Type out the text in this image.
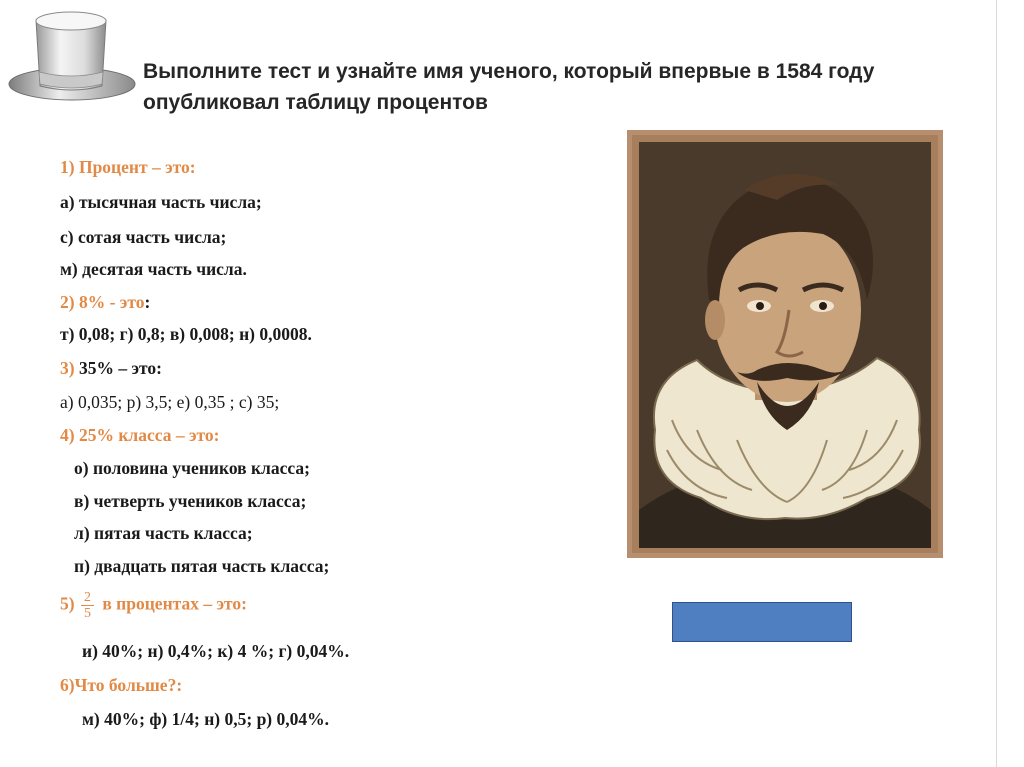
Выполните тест и узнайте имя ученого, который впервые в 1584 году опубликовал таблицу процентов
1) Процент – это:
а) тысячная часть числа;
с) сотая часть числа;
м) десятая часть числа.
2) 8% - это:
т) 0,08; г) 0,8; в) 0,008; н) 0,0008.
3) 35% – это:
а) 0,035; р) 3,5; е) 0,35 ; с) 35;
4) 25% класса – это:
о) половина учеников класса;
в) четверть учеников класса;
л) пятая часть класса;
п) двадцать пятая часть класса;
$5) \frac{2}{5}$ в процентах – это:
и) 40%; н) 0,4%; к) 4 %; г) 0,04%.
6)Что больше?:
м) 40%; ф) 1/4; н) 0,5; р) 0,04%.
